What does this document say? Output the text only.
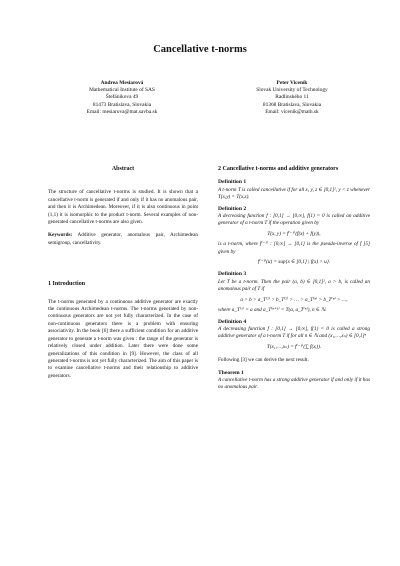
Cancellative t-norms
Andrea Mesiarová
Mathematical Institute of SAS
Štefánikova 49
81473 Bratislava, Slovakia
Email: mesiarova@mat.savba.sk
Peter Viceník
Slovak University of Technology
Radlinského 11
81368 Bratislava, Slovakia
Email: vicenik@math.sk

Abstract

The structure of cancellative t-norms is studied. It is shown that a cancellative t-norm is generated if and only if it has no anomalous pair, and then it is Archimedean. Moreover, if it is also continuous in point (1,1) it is isomorphic to the product t-norm. Several examples of non-generated cancellative t-norms are also given.

Keywords: Additive generator, anomalous pair, Archimedean semigroup, cancellativity.

1 Introduction

The t-norms generated by a continuous additive generator are exactly the continuous Archimedean t-norms. The t-norms generated by non-continuous generators are not yet fully characterized. In the case of non-continuous generators there is a problem with ensuring associativity. In the book [6] there a sufficient condition for an additive generator to generate a t-norm was given : the range of the generator is relatively closed under addition. Later there were done some generalizations of this condition in [9]. However, the class of all generated t-norms is not yet fully characterized. The aim of this paper is to examine cancellative t-norms and their relationship to additive generators.

2 Cancellative t-norms and additive generators

Definition 1

A t-norm T is called cancellative if for all x, y, z ∈ ]0,1]², y < z whenever T(x,y) = T(x,z).

Definition 2

A decreasing function f : [0,1] → [0,∞], f(1) = 0 is called an additive generator of a t-norm T if the operation given by

T(x, y) = f⁽⁻¹⁾(f(x) + f(y)),

is a t-norm, where f⁽⁻¹⁾ : [0,∞] → [0,1] is the pseudo-inverse of f [5] given by

f⁽⁻¹⁾(u) = sup{x ∈ [0,1] | f(x) > u}.

Definition 3

Let T be a t-norm. Then the pair (a, b) ∈ ]0,1]², a > b, is called an anomalous pair of T if

a > b > a_T⁽²⁾ > b_T⁽²⁾ > … > a_T⁽ⁿ⁾ > b_T⁽ⁿ⁾ > …,

where a_T⁽¹⁾ = a and a_T⁽ⁿ⁺¹⁾ = T(a, a_T⁽ⁿ⁾), n ∈ ℕ.

Definition 4

A decreasing function f : [0,1] → [0,∞], f(1) = 0 is called a strong additive generator of a t-norm T if for all n ∈ ℕ and (x₁,…,xₙ) ∈ [0,1]ⁿ

T(x₁,…,xₙ) = f⁽⁻¹⁾(∑ f(xᵢ)).

Following [3] we can derive the next result.

Theorem 1

A cancellative t-norm has a strong additive generator if and only if it has no anomalous pair.
